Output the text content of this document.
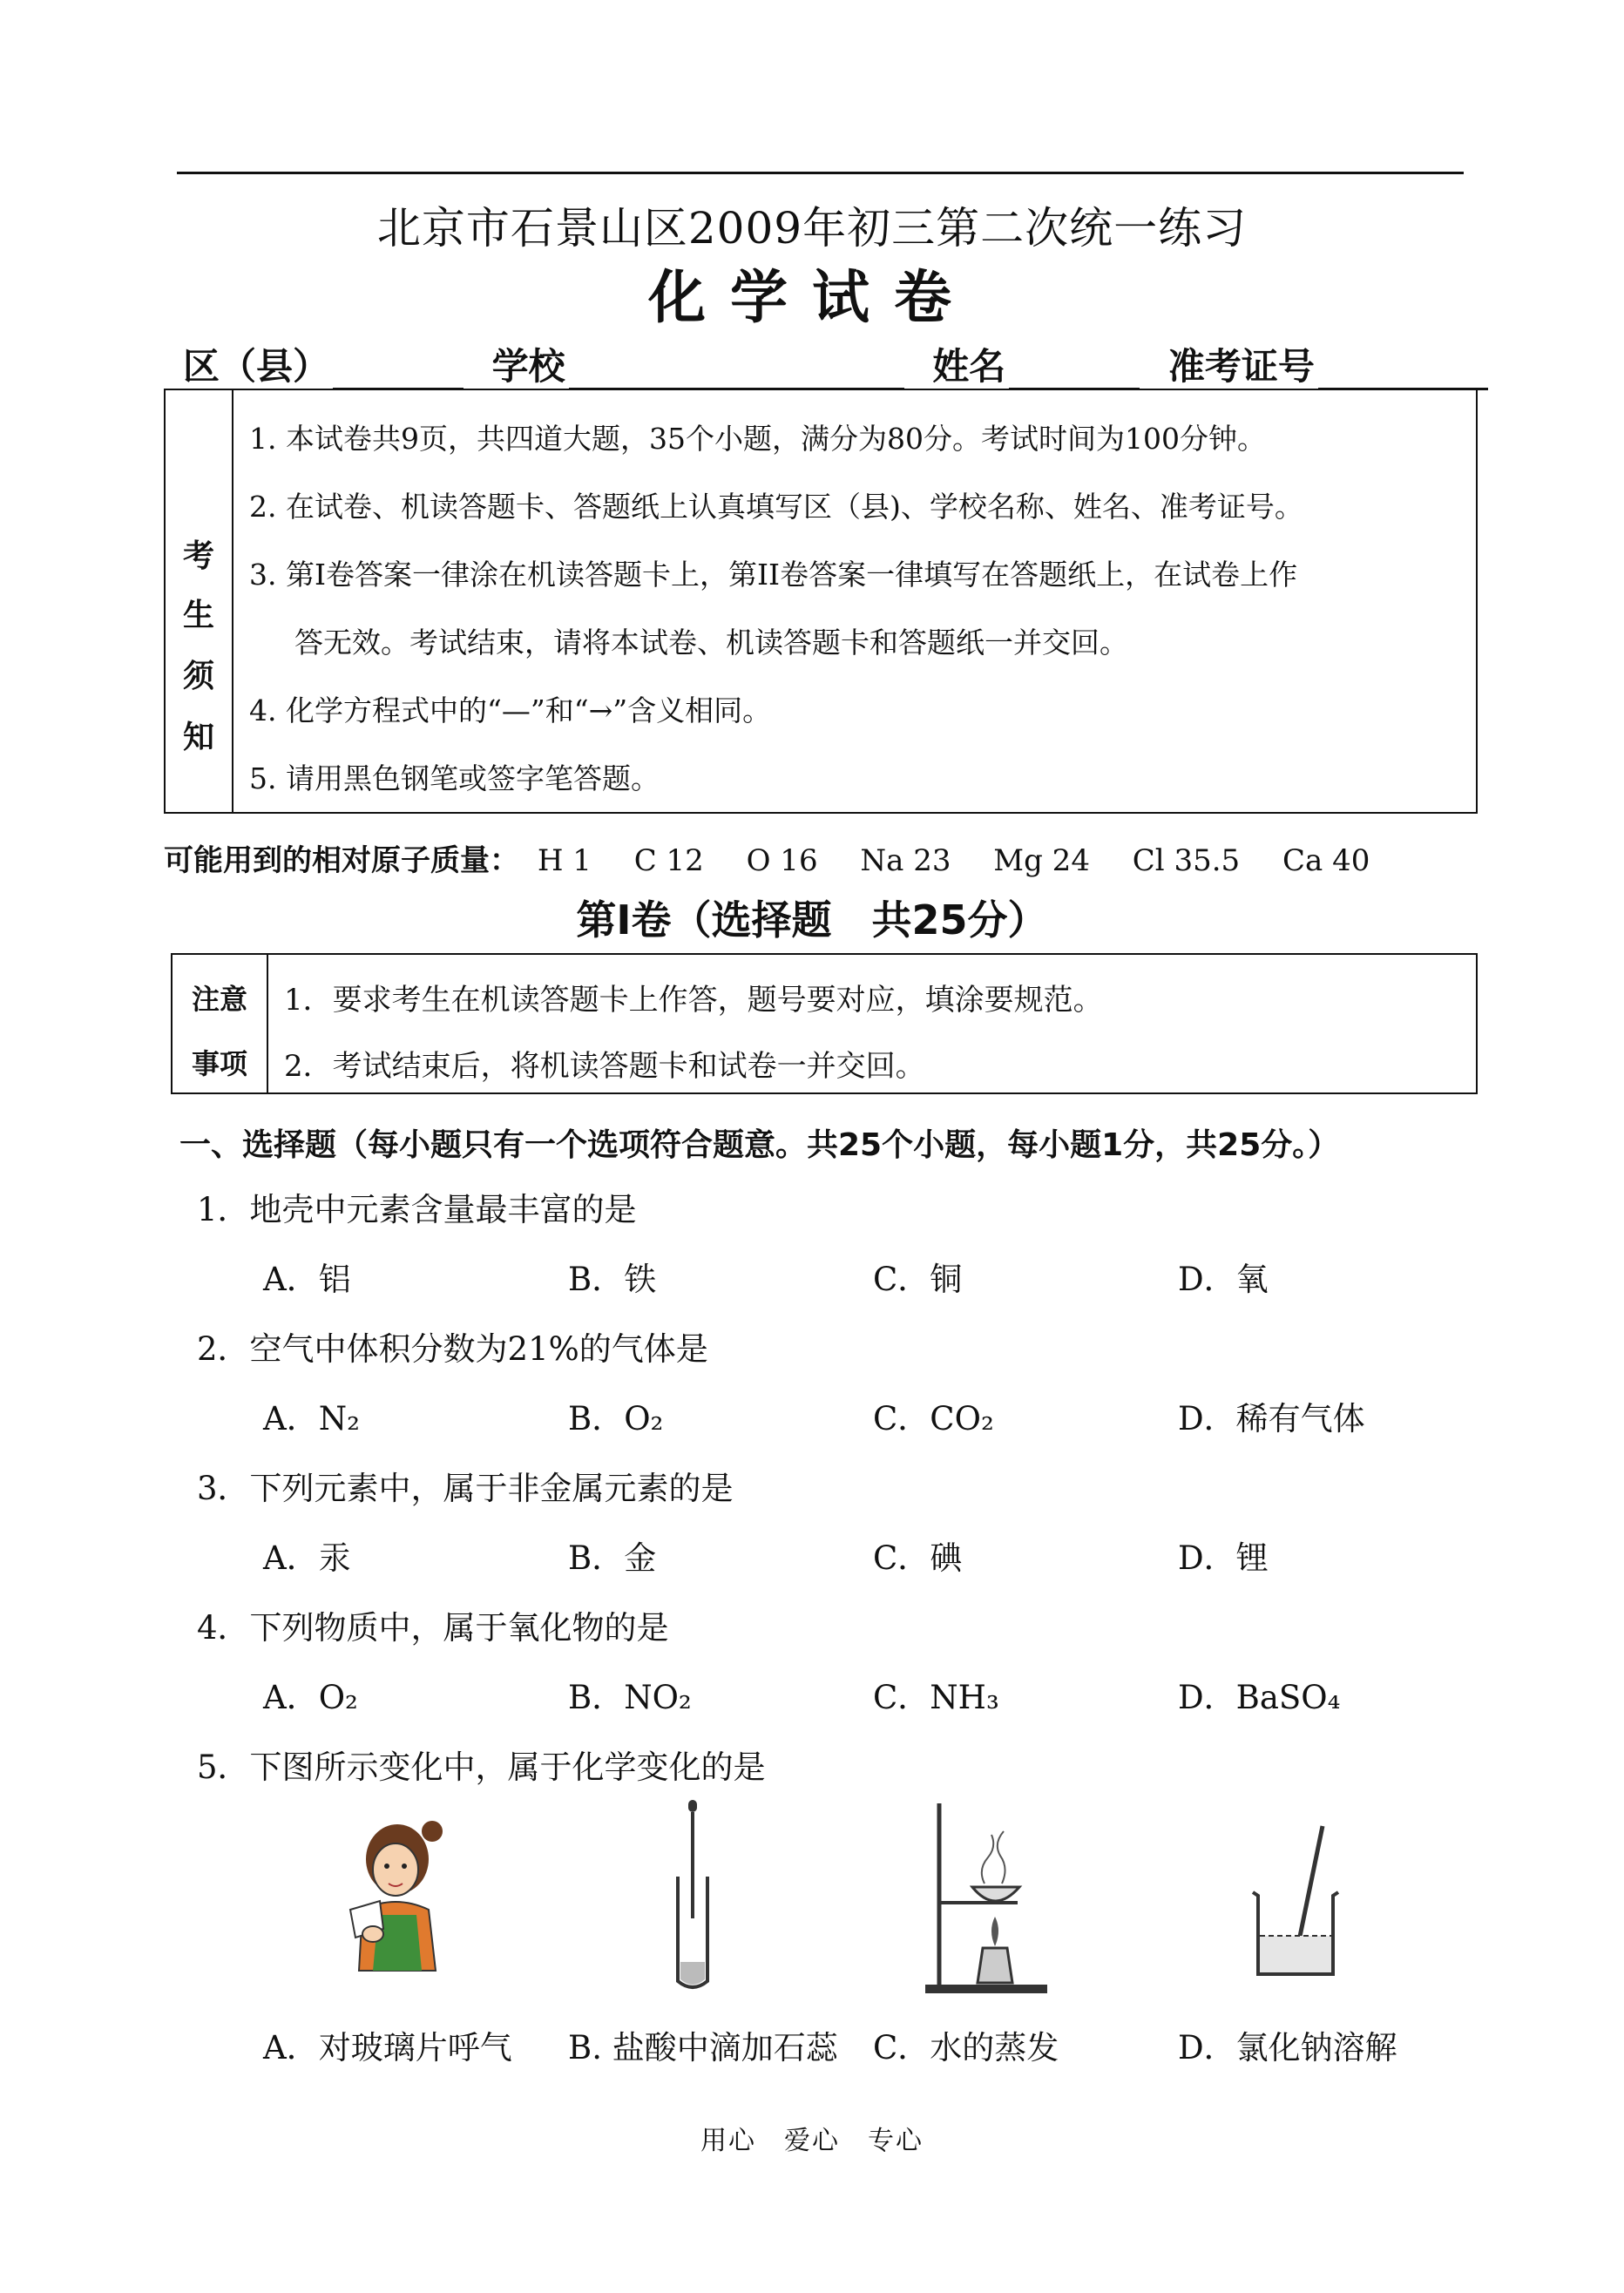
北京市石景山区2009年初三第二次统一练习
化学试卷
区（县）	学校	姓名	准考证号
考
生
须
知
1. 本试卷共9页，共四道大题，35个小题，满分为80分。考试时间为100分钟。
2. 在试卷、机读答题卡、答题纸上认真填写区（县)、学校名称、姓名、准考证号。
3. 第I卷答案一律涂在机读答题卡上，第II卷答案一律填写在答题纸上，在试卷上作
答无效。考试结束，请将本试卷、机读答题卡和答题纸一并交回。
4. 化学方程式中的“—”和“→”含义相同。
5. 请用黑色钢笔或签字笔答题。
可能用到的相对原子质量： H 1 C 12 O 16 Na 23 Mg 24 Cl 35.5 Ca 40
第I卷（选择题　共25分）
注意
事项
1．要求考生在机读答题卡上作答，题号要对应，填涂要规范。
2．考试结束后，将机读答题卡和试卷一并交回。
一、选择题（每小题只有一个选项符合题意。共25个小题，每小题1分，共25分。）
1．地壳中元素含量最丰富的是
A．铝	B．铁	C．铜	D．氧
2．空气中体积分数为21%的气体是
A．N₂	B．O₂	C．CO₂	D．稀有气体
3．下列元素中，属于非金属元素的是
A．汞	B．金	C．碘	D．锂
4．下列物质中，属于氧化物的是
A．O₂	B．NO₂	C．NH₃	D．BaSO₄
5．下图所示变化中，属于化学变化的是
A．对玻璃片呼气 B. 盐酸中滴加石蕊 C．水的蒸发	D．氯化钠溶解
用心　爱心　专心
